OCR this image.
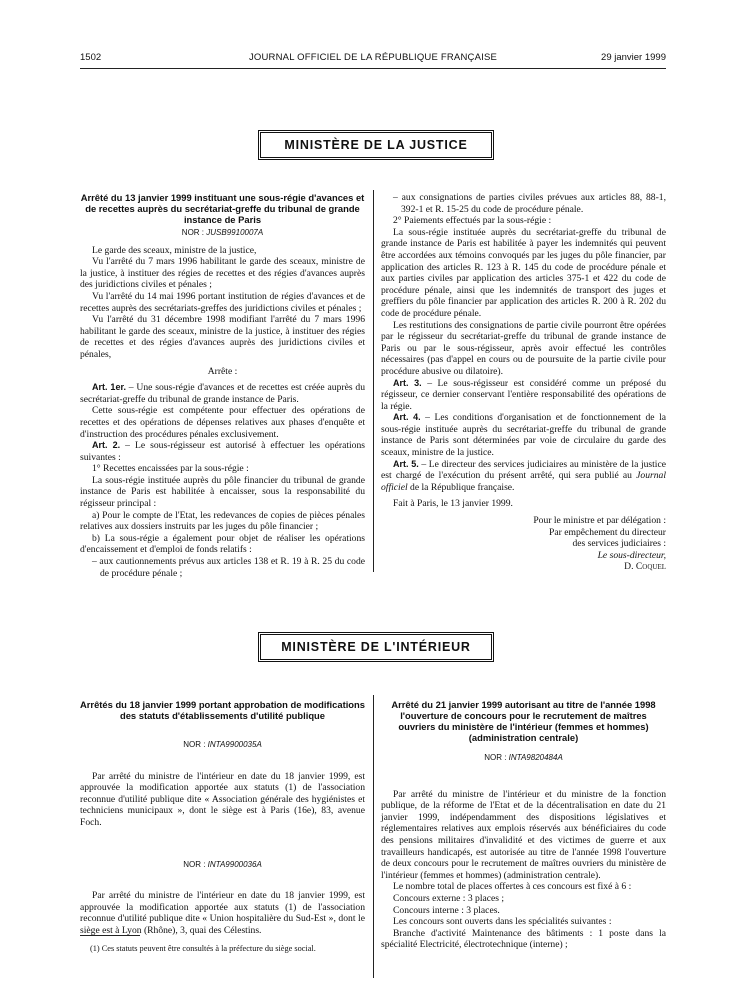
1502	JOURNAL OFFICIEL DE LA RÉPUBLIQUE FRANÇAISE	29 janvier 1999
MINISTÈRE DE LA JUSTICE
Arrêté du 13 janvier 1999 instituant une sous-régie d'avances et de recettes auprès du secrétariat-greffe du tribunal de grande instance de Paris
NOR : JUSB9910007A

Le garde des sceaux, ministre de la justice,

Vu l'arrêté du 7 mars 1996 habilitant le garde des sceaux, ministre de la justice, à instituer des régies de recettes et des régies d'avances auprès des juridictions civiles et pénales ;

Vu l'arrêté du 14 mai 1996 portant institution de régies d'avances et de recettes auprès des secrétariats-greffes des juridictions civiles et pénales ;

Vu l'arrêté du 31 décembre 1998 modifiant l'arrêté du 7 mars 1996 habilitant le garde des sceaux, ministre de la justice, à instituer des régies de recettes et des régies d'avances auprès des juridictions civiles et pénales,

Arrête :

Art. 1er. – Une sous-régie d'avances et de recettes est créée auprès du secrétariat-greffe du tribunal de grande instance de Paris.

Cette sous-régie est compétente pour effectuer des opérations de recettes et des opérations de dépenses relatives aux phases d'enquête et d'instruction des procédures pénales exclusivement.

Art. 2. – Le sous-régisseur est autorisé à effectuer les opérations suivantes :

1° Recettes encaissées par la sous-régie :

La sous-régie instituée auprès du pôle financier du tribunal de grande instance de Paris est habilitée à encaisser, sous la responsabilité du régisseur principal :

a) Pour le compte de l'Etat, les redevances de copies de pièces pénales relatives aux dossiers instruits par les juges du pôle financier ;

b) La sous-régie a également pour objet de réaliser les opérations d'encaissement et d'emploi de fonds relatifs :

– aux cautionnements prévus aux articles 138 et R. 19 à R. 25 du code de procédure pénale ;

– aux consignations de parties civiles prévues aux articles 88, 88-1, 392-1 et R. 15-25 du code de procédure pénale.

2° Paiements effectués par la sous-régie :

La sous-régie instituée auprès du secrétariat-greffe du tribunal de grande instance de Paris est habilitée à payer les indemnités qui peuvent être accordées aux témoins convoqués par les juges du pôle financier, par application des articles R. 123 à R. 145 du code de procédure pénale et aux parties civiles par application des articles 375-1 et 422 du code de procédure pénale, ainsi que les indemnités de transport des juges et greffiers du pôle financier par application des articles R. 200 à R. 202 du code de procédure pénale.

Les restitutions des consignations de partie civile pourront être opérées par le régisseur du secrétariat-greffe du tribunal de grande instance de Paris ou par le sous-régisseur, après avoir effectué les contrôles nécessaires (pas d'appel en cours ou de poursuite de la partie civile pour procédure abusive ou dilatoire).

Art. 3. – Le sous-régisseur est considéré comme un préposé du régisseur, ce dernier conservant l'entière responsabilité des opérations de la régie.

Art. 4. – Les conditions d'organisation et de fonctionnement de la sous-régie instituée auprès du secrétariat-greffe du tribunal de grande instance de Paris sont déterminées par voie de circulaire du garde des sceaux, ministre de la justice.

Art. 5. – Le directeur des services judiciaires au ministère de la justice est chargé de l'exécution du présent arrêté, qui sera publié au Journal officiel de la République française.

Fait à Paris, le 13 janvier 1999.

Pour le ministre et par délégation :

Par empêchement du directeur

des services judiciaires :

Le sous-directeur,

D. Coquel

MINISTÈRE DE L'INTÉRIEUR
Arrêtés du 18 janvier 1999 portant approbation de modifications des statuts d'établissements d'utilité publique
NOR : INTA9900035A

Par arrêté du ministre de l'intérieur en date du 18 janvier 1999, est approuvée la modification apportée aux statuts (1) de l'association reconnue d'utilité publique dite « Association générale des hygiénistes et techniciens municipaux », dont le siège est à Paris (16e), 83, avenue Foch.

NOR : INTA9900036A

Par arrêté du ministre de l'intérieur en date du 18 janvier 1999, est approuvée la modification apportée aux statuts (1) de l'association reconnue d'utilité publique dite « Union hospitalière du Sud-Est », dont le siège est à Lyon (Rhône), 3, quai des Célestins.

(1) Ces statuts peuvent être consultés à la préfecture du siège social.
Arrêté du 21 janvier 1999 autorisant au titre de l'année 1998 l'ouverture de concours pour le recrutement de maîtres ouvriers du ministère de l'intérieur (femmes et hommes) (administration centrale)
NOR : INTA9820484A

Par arrêté du ministre de l'intérieur et du ministre de la fonction publique, de la réforme de l'Etat et de la décentralisation en date du 21 janvier 1999, indépendamment des dispositions législatives et réglementaires relatives aux emplois réservés aux bénéficiaires du code des pensions militaires d'invalidité et des victimes de guerre et aux travailleurs handicapés, est autorisée au titre de l'année 1998 l'ouverture de deux concours pour le recrutement de maîtres ouvriers du ministère de l'intérieur (femmes et hommes) (administration centrale).

Le nombre total de places offertes à ces concours est fixé à 6 :

Concours externe : 3 places ;

Concours interne : 3 places.

Les concours sont ouverts dans les spécialités suivantes :

Branche d'activité Maintenance des bâtiments : 1 poste dans la spécialité Electricité, électrotechnique (interne) ;
